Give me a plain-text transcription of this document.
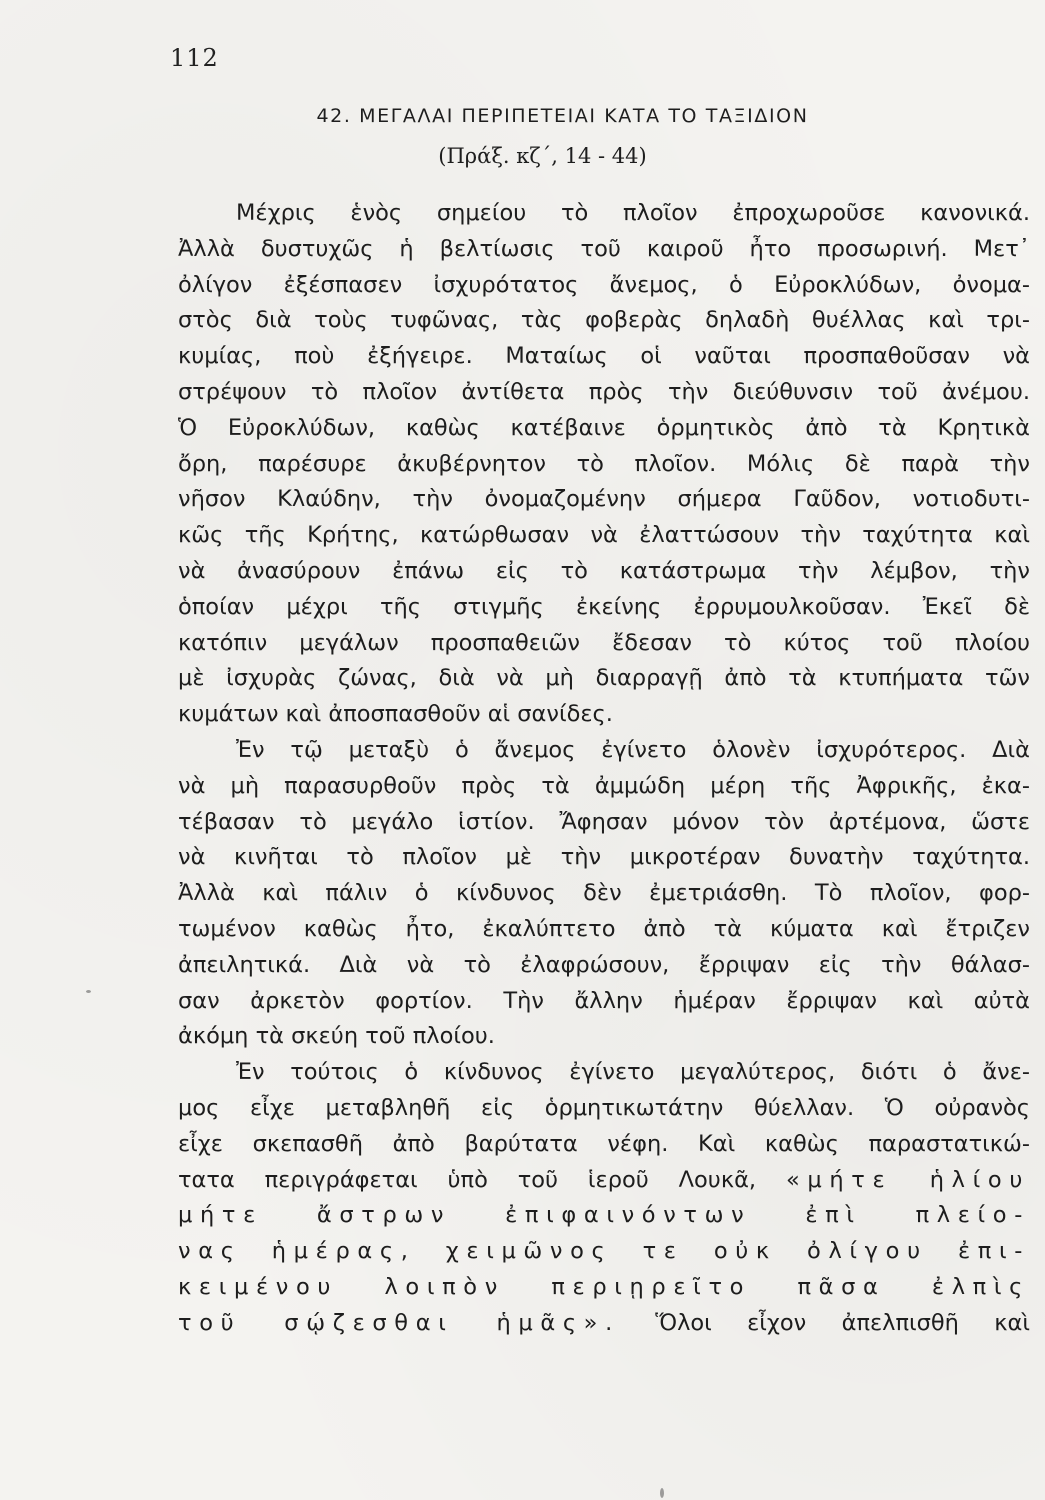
112
42. ΜΕΓΑΛΑΙ ΠΕΡΙΠΕΤΕΙΑΙ ΚΑΤΑ ΤΟ ΤΑΞΙΔΙΟΝ
(Πράξ. κζ΄, 14 - 44)
Μέχρις ἑνὸς σημείου τὸ πλοῖον ἐπροχωροῦσε κανονικά.
Ἀλλὰ δυστυχῶς ἡ βελτίωσις τοῦ καιροῦ ἦτο προσωρινή. Μετ᾽
ὀλίγον ἐξέσπασεν ἰσχυρότατος ἄνεμος, ὁ Εὐροκλύδων, ὀνομα-
στὸς διὰ τοὺς τυφῶνας, τὰς φοβερὰς δηλαδὴ θυέλλας καὶ τρι-
κυμίας, ποὺ ἐξήγειρε. Ματαίως οἱ ναῦται προσπαθοῦσαν νὰ
στρέψουν τὸ πλοῖον ἀντίθετα πρὸς τὴν διεύθυνσιν τοῦ ἀνέμου.
Ὁ Εὐροκλύδων, καθὼς κατέβαινε ὁρμητικὸς ἀπὸ τὰ Κρητικὰ
ὄρη, παρέσυρε ἀκυβέρνητον τὸ πλοῖον. Μόλις δὲ παρὰ τὴν
νῆσον Κλαύδην, τὴν ὀνομαζομένην σήμερα Γαῦδον, νοτιοδυτι-
κῶς τῆς Κρήτης, κατώρθωσαν νὰ ἐλαττώσουν τὴν ταχύτητα καὶ
νὰ ἀνασύρουν ἐπάνω εἰς τὸ κατάστρωμα τὴν λέμβον, τὴν
ὁποίαν μέχρι τῆς στιγμῆς ἐκείνης ἐρρυμουλκοῦσαν. Ἐκεῖ δὲ
κατόπιν μεγάλων προσπαθειῶν ἔδεσαν τὸ κύτος τοῦ πλοίου
μὲ ἰσχυρὰς ζώνας, διὰ νὰ μὴ διαρραγῇ ἀπὸ τὰ κτυπήματα τῶν
κυμάτων καὶ ἀποσπασθοῦν αἱ σανίδες.
Ἐν τῷ μεταξὺ ὁ ἄνεμος ἐγίνετο ὁλονὲν ἰσχυρότερος. Διὰ
νὰ μὴ παρασυρθοῦν πρὸς τὰ ἀμμώδη μέρη τῆς Ἀφρικῆς, ἐκα-
τέβασαν τὸ μεγάλο ἱστίον. Ἄφησαν μόνον τὸν ἀρτέμονα, ὥστε
νὰ κινῆται τὸ πλοῖον μὲ τὴν μικροτέραν δυνατὴν ταχύτητα.
Ἀλλὰ καὶ πάλιν ὁ κίνδυνος δὲν ἐμετριάσθη. Τὸ πλοῖον, φορ-
τωμένον καθὼς ἦτο, ἐκαλύπτετο ἀπὸ τὰ κύματα καὶ ἔτριζεν
ἀπειλητικά. Διὰ νὰ τὸ ἐλαφρώσουν, ἔρριψαν εἰς τὴν θάλασ-
σαν ἀρκετὸν φορτίον. Τὴν ἄλλην ἡμέραν ἔρριψαν καὶ αὐτὰ
ἀκόμη τὰ σκεύη τοῦ πλοίου.
Ἐν τούτοις ὁ κίνδυνος ἐγίνετο μεγαλύτερος, διότι ὁ ἄνε-
μος εἶχε μεταβληθῆ εἰς ὁρμητικωτάτην θύελλαν. Ὁ οὐρανὸς
εἶχε σκεπασθῆ ἀπὸ βαρύτατα νέφη. Καὶ καθὼς παραστατικώ-
τατα περιγράφεται ὑπὸ τοῦ ἱεροῦ Λουκᾶ, «μήτε ἡλίου
μήτε ἄστρων ἐπιφαινόντων ἐπὶ πλείο-
νας ἡμέρας, χειμῶνος τε οὐκ ὀλίγου ἐπι-
κειμένου λοιπὸν περιῃρεῖτο πᾶσα ἐλπὶς
τοῦ σῴζεσθαι ἡμᾶς». Ὅλοι εἶχον ἀπελπισθῆ καὶ
